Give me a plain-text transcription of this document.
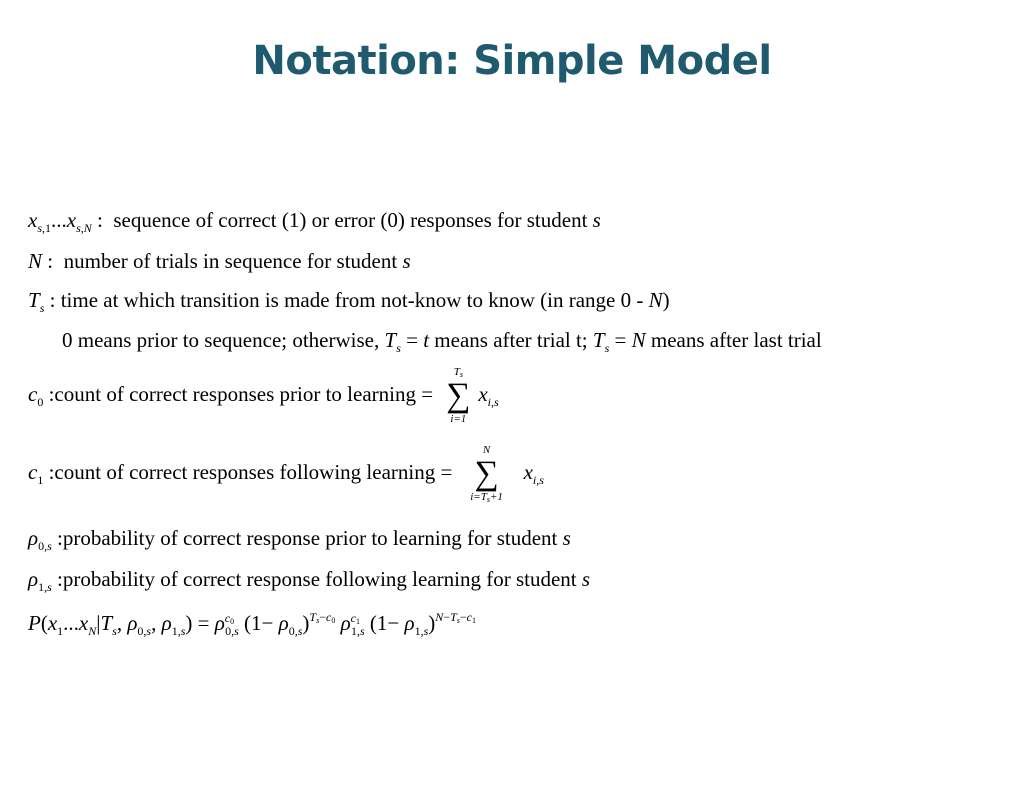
Notation: Simple Model
$x_{s,1}...x_{s,N}$ :  sequence of correct (1) or error (0) responses for student s
N :  number of trials in sequence for student s
$T_s$ : time at which transition is made from not-know to know (in range 0 - N)
0 means prior to sequence; otherwise, $T_s = t$ means after trial t; $T_s = N$ means after last trial
$c_0$ :count of correct responses prior to learning =
$T_s$
∑
i=1
$x_{i,s}$
$c_1$ :count of correct responses following learning =
N
∑
$i=T_s+1$
$x_{i,s}$
$\rho_{0,s}$ :probability of correct response prior to learning for student s
$\rho_{1,s}$ :probability of correct response following learning for student s
$P(x_1...x_N|T_s$, $\rho_{0,s}$, $\rho_{1,s}) = \rho^{c_0}_{0,s}$ $(1- \rho_{0,s})^{T_s-c_0}$ $\rho^{c_1}_{1,s}$ $(1- \rho_{1,s})^{N-T_s-c_1}$
